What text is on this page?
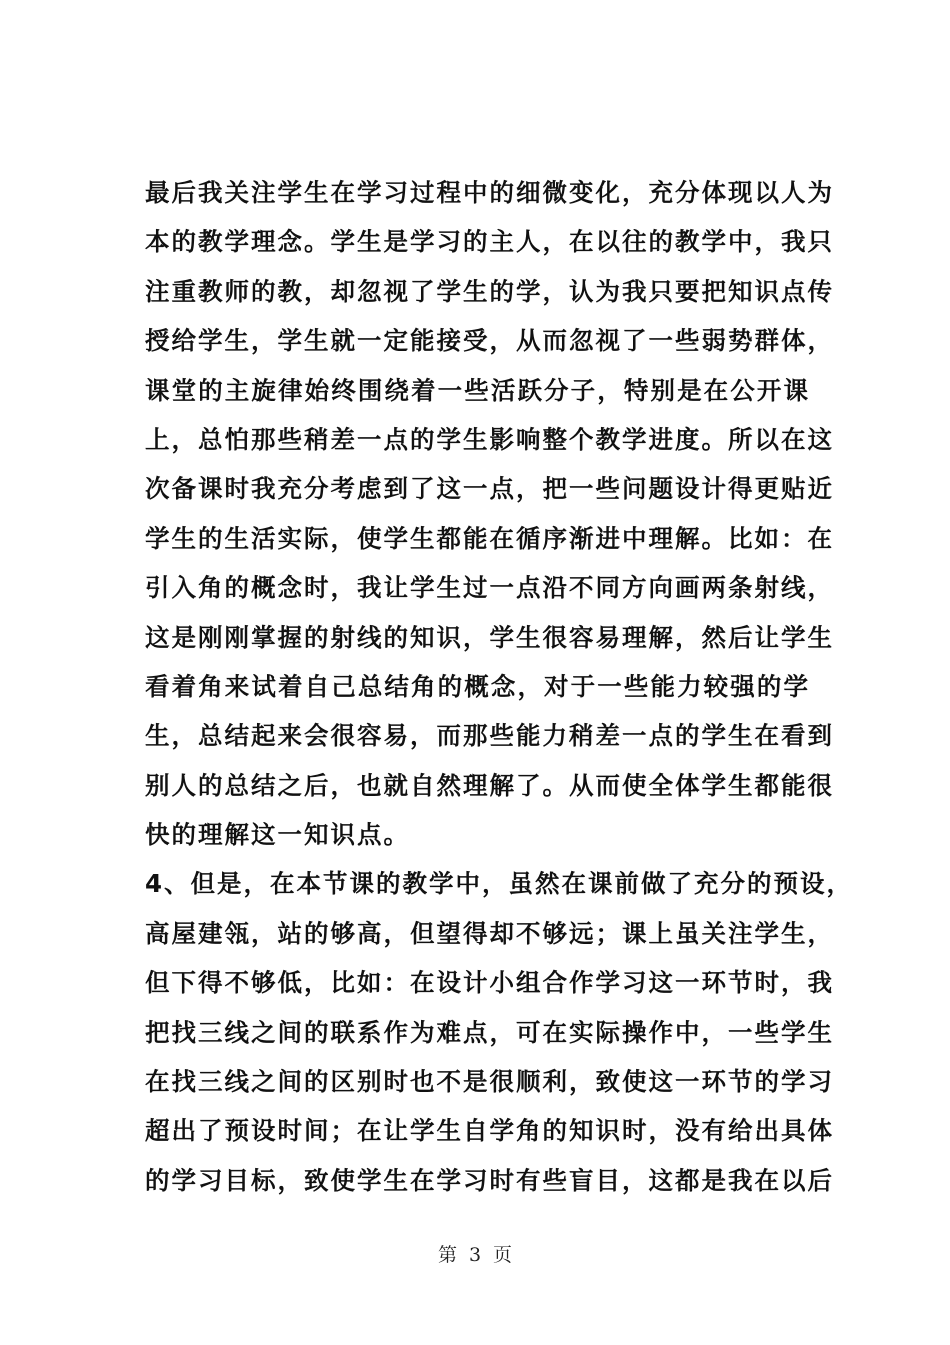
最后我关注学生在学习过程中的细微变化，充分体现以人为
本的教学理念。学生是学习的主人，在以往的教学中，我只
注重教师的教，却忽视了学生的学，认为我只要把知识点传
授给学生，学生就一定能接受，从而忽视了一些弱势群体，
课堂的主旋律始终围绕着一些活跃分子，特别是在公开课
上，总怕那些稍差一点的学生影响整个教学进度。所以在这
次备课时我充分考虑到了这一点，把一些问题设计得更贴近
学生的生活实际，使学生都能在循序渐进中理解。比如：在
引入角的概念时，我让学生过一点沿不同方向画两条射线，
这是刚刚掌握的射线的知识，学生很容易理解，然后让学生
看着角来试着自己总结角的概念，对于一些能力较强的学
生，总结起来会很容易，而那些能力稍差一点的学生在看到
别人的总结之后，也就自然理解了。从而使全体学生都能很
快的理解这一知识点。
4、但是，在本节课的教学中，虽然在课前做了充分的预设，
高屋建瓴，站的够高，但望得却不够远；课上虽关注学生，
但下得不够低，比如：在设计小组合作学习这一环节时，我
把找三线之间的联系作为难点，可在实际操作中，一些学生
在找三线之间的区别时也不是很顺利，致使这一环节的学习
超出了预设时间；在让学生自学角的知识时，没有给出具体
的学习目标，致使学生在学习时有些盲目，这都是我在以后
第 3 页
